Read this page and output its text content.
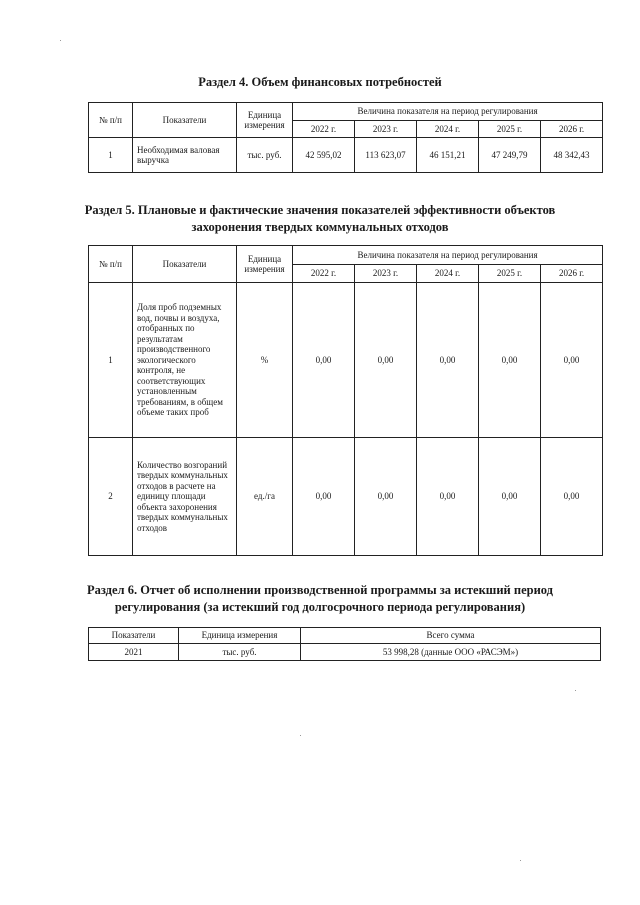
Раздел 4. Объем финансовых потребностей
№ п/п	Показатели	Единица измерения	Величина показателя на период регулирования				
			2022 г.	2023 г.	2024 г.	2025 г.	2026 г.
1	Необходимая валовая выручка	тыс. руб.	42 595,02	113 623,07	46 151,21	47 249,79	48 342,43
Раздел 5. Плановые и фактические значения показателей эффективности объектов
захоронения твердых коммунальных отходов
№ п/п	Показатели	Единица измерения	Величина показателя на период регулирования				
			2022 г.	2023 г.	2024 г.	2025 г.	2026 г.
1	Доля проб подземных вод, почвы и воздуха, отобранных по результатам производственного экологического контроля, не соответствующих установленным требованиям, в общем объеме таких проб	%	0,00	0,00	0,00	0,00	0,00
2	Количество возгораний твердых коммунальных отходов в расчете на единицу площади объекта захоронения твердых коммунальных отходов	ед./га	0,00	0,00	0,00	0,00	0,00
Раздел 6. Отчет об исполнении производственной программы за истекший период
регулирования (за истекший год долгосрочного периода регулирования)
Показатели	Единица измерения	Всего сумма
2021	тыс. руб.	53 998,28 (данные ООО «РАСЭМ»)
